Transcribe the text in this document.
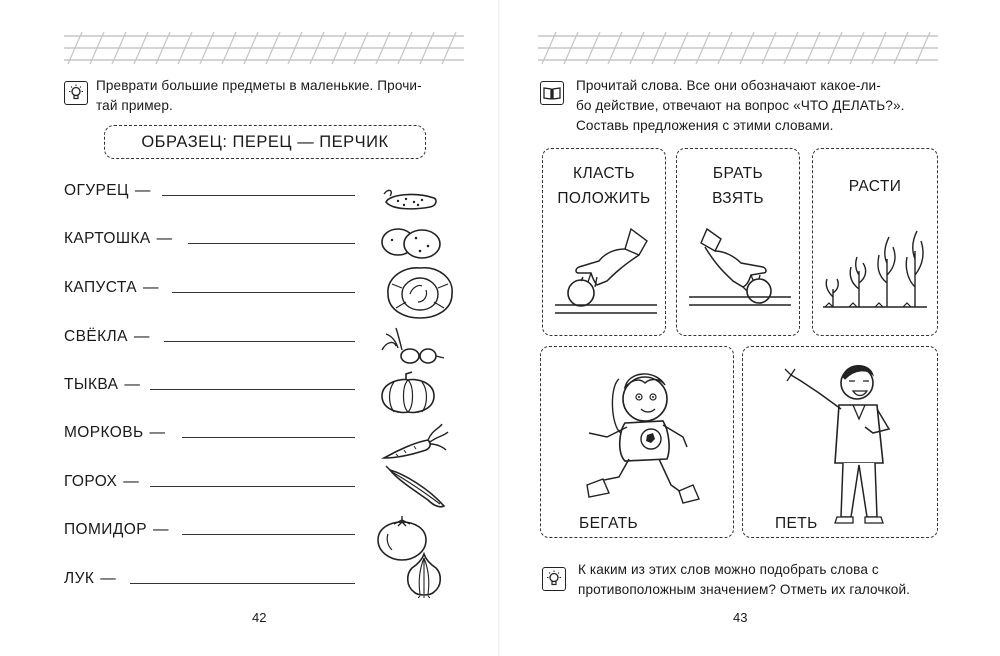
Преврати большие предметы в маленькие. Прочи-
тай пример.
ОБРАЗЕЦ: ПЕРЕЦ — ПЕРЧИК
ОГУРЕЦ —
КАРТОШКА —
КАПУСТА —
СВЁКЛА —
ТЫКВА —
МОРКОВЬ —
ГОРОХ —
ПОМИДОР —
ЛУК —
42
Прочитай слова. Все они обозначают какое-ли-
бо действие, отвечают на вопрос «ЧТО ДЕЛАТЬ?».
Составь предложения с этими словами.
КЛАСТЬ
ПОЛОЖИТЬ
БРАТЬ
ВЗЯТЬ
РАСТИ
БЕГАТЬ	ПЕТЬ
К каким из этих слов можно подобрать слова с
противоположным значением? Отметь их галочкой.
43
